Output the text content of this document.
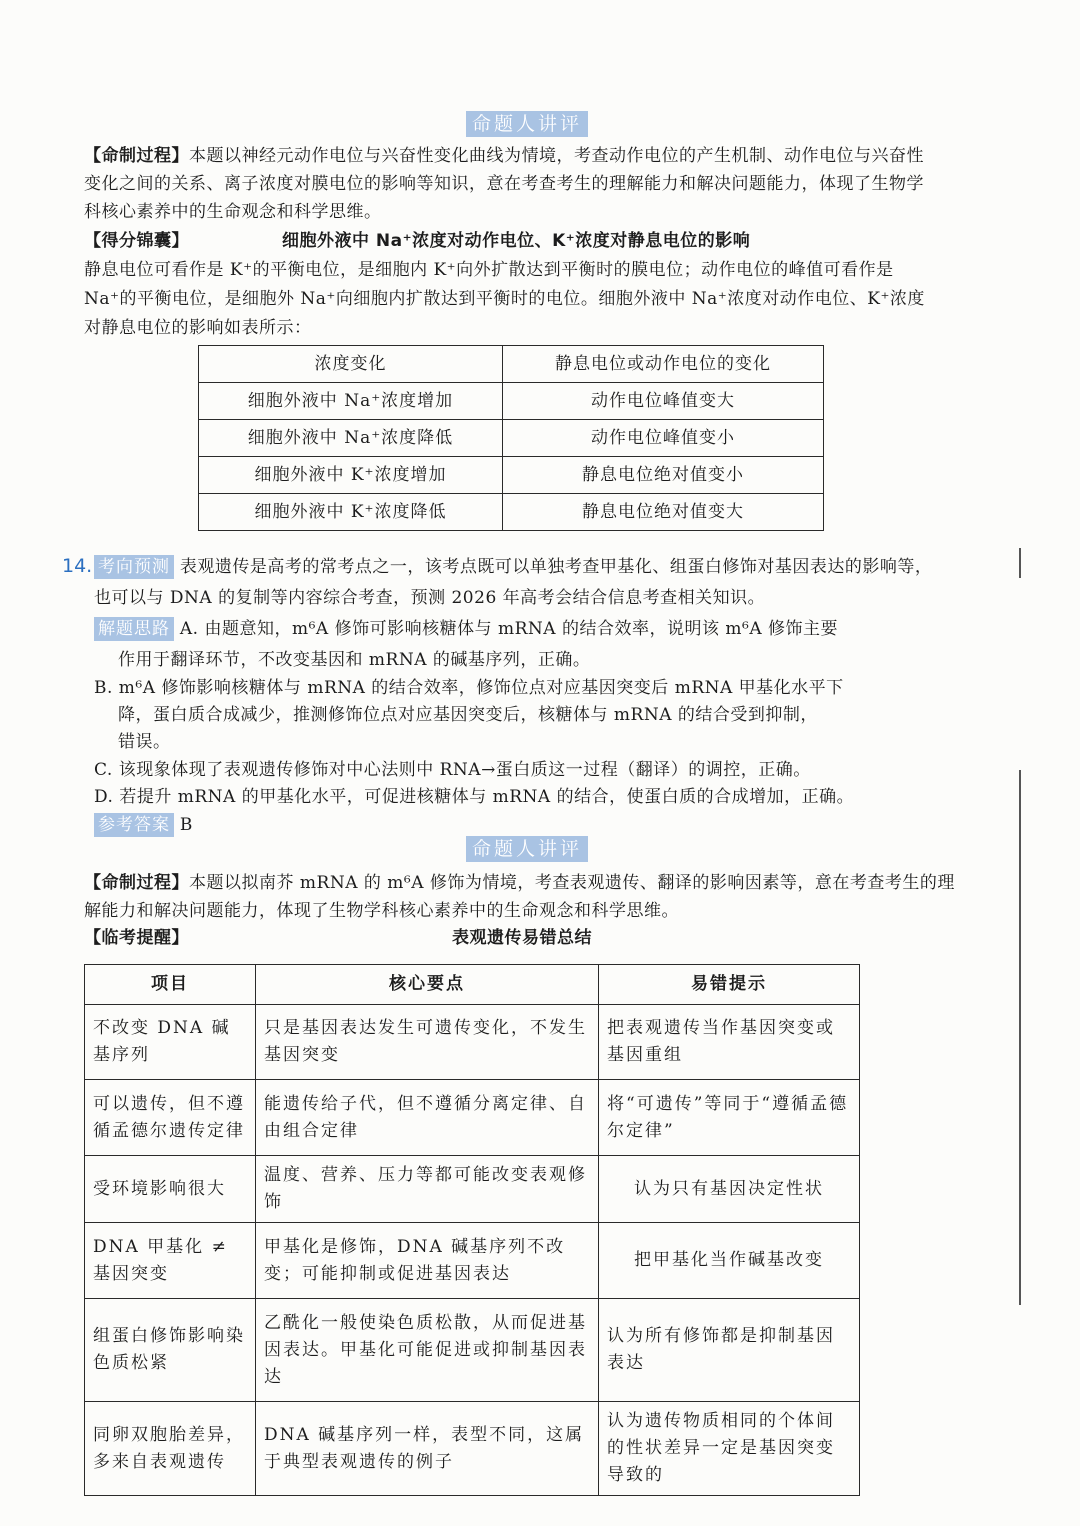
命题人讲评
【命制过程】本题以神经元动作电位与兴奋性变化曲线为情境，考查动作电位的产生机制、动作电位与兴奋性
变化之间的关系、离子浓度对膜电位的影响等知识，意在考查考生的理解能力和解决问题能力，体现了生物学
科核心素养中的生命观念和科学思维。
【得分锦囊】	细胞外液中 Na⁺浓度对动作电位、K⁺浓度对静息电位的影响
静息电位可看作是 K⁺的平衡电位，是细胞内 K⁺向外扩散达到平衡时的膜电位；动作电位的峰值可看作是
Na⁺的平衡电位，是细胞外 Na⁺向细胞内扩散达到平衡时的电位。细胞外液中 Na⁺浓度对动作电位、K⁺浓度
对静息电位的影响如表所示：
浓度变化	静息电位或动作电位的变化
细胞外液中 Na⁺浓度增加	动作电位峰值变大
细胞外液中 Na⁺浓度降低	动作电位峰值变小
细胞外液中 K⁺浓度增加	静息电位绝对值变小
细胞外液中 K⁺浓度降低	静息电位绝对值变大
14. 考向预测 表观遗传是高考的常考点之一，该考点既可以单独考查甲基化、组蛋白修饰对基因表达的影响等，
也可以与 DNA 的复制等内容综合考查，预测 2026 年高考会结合信息考查相关知识。
解题思路 A. 由题意知，m⁶A 修饰可影响核糖体与 mRNA 的结合效率，说明该 m⁶A 修饰主要
作用于翻译环节，不改变基因和 mRNA 的碱基序列，正确。
B. m⁶A 修饰影响核糖体与 mRNA 的结合效率，修饰位点对应基因突变后 mRNA 甲基化水平下
降，蛋白质合成减少，推测修饰位点对应基因突变后，核糖体与 mRNA 的结合受到抑制，
错误。
C. 该现象体现了表观遗传修饰对中心法则中 RNA→蛋白质这一过程（翻译）的调控，正确。
D. 若提升 mRNA 的甲基化水平，可促进核糖体与 mRNA 的结合，使蛋白质的合成增加，正确。
参考答案 B
命题人讲评
【命制过程】本题以拟南芥 mRNA 的 m⁶A 修饰为情境，考查表观遗传、翻译的影响因素等，意在考查考生的理
解能力和解决问题能力，体现了生物学科核心素养中的生命观念和科学思维。
【临考提醒】	表观遗传易错总结
项目	核心要点	易错提示
不改变 DNA 碱基序列	只是基因表达发生可遗传变化，不发生基因突变	把表观遗传当作基因突变或基因重组
可以遗传，但不遵循孟德尔遗传定律	能遗传给子代，但不遵循分离定律、自由组合定律	将“可遗传”等同于“遵循孟德尔定律”
受环境影响很大	温度、营养、压力等都可能改变表观修饰	认为只有基因决定性状
DNA 甲基化 ≠ 基因突变	甲基化是修饰，DNA 碱基序列不改变；可能抑制或促进基因表达	把甲基化当作碱基改变
组蛋白修饰影响染色质松紧	乙酰化一般使染色质松散，从而促进基因表达。甲基化可能促进或抑制基因表达	认为所有修饰都是抑制基因表达
同卵双胞胎差异，多来自表观遗传	DNA 碱基序列一样，表型不同，这属于典型表观遗传的例子	认为遗传物质相同的个体间的性状差异一定是基因突变导致的
